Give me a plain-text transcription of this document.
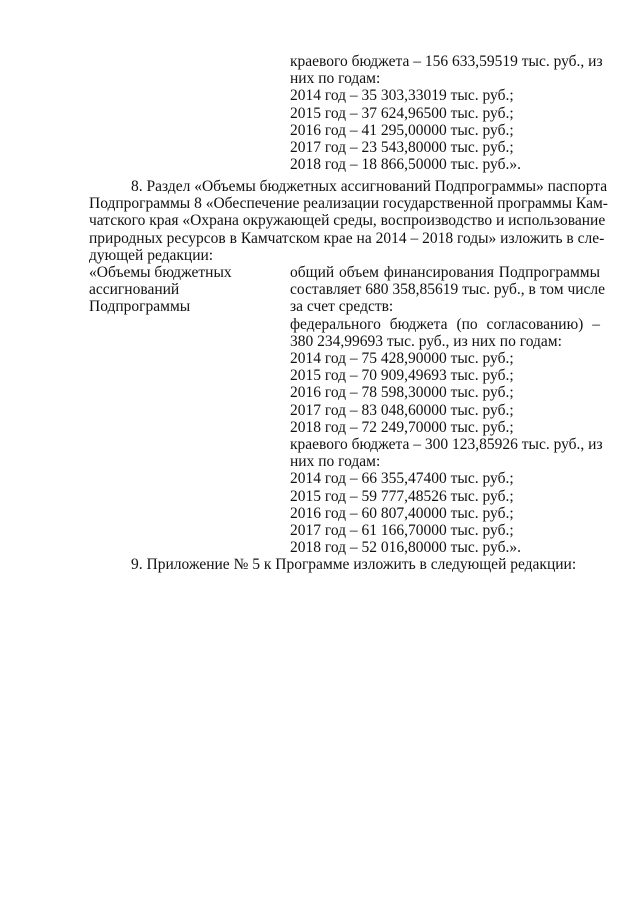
краевого бюджета – 156 633,59519 тыс. руб., из
них по годам:
2014 год – 35 303,33019 тыс. руб.;
2015 год – 37 624,96500 тыс. руб.;
2016 год – 41 295,00000 тыс. руб.;
2017 год – 23 543,80000 тыс. руб.;
2018 год – 18 866,50000 тыс. руб.».
8. Раздел «Объемы бюджетных ассигнований Подпрограммы» паспорта
Подпрограммы 8 «Обеспечение реализации государственной программы Кам-
чатского края «Охрана окружающей среды, воспроизводство и использование
природных ресурсов в Камчатском крае на 2014 – 2018 годы» изложить в сле-
дующей редакции:
«Объемы бюджетных
ассигнований Подпрограммы
общий объем финансирования Подпрограммы
составляет 680 358,85619 тыс. руб., в том числе
за счет средств:
федерального бюджета (по согласованию) –
380 234,99693 тыс. руб., из них по годам:
2014 год – 75 428,90000 тыс. руб.;
2015 год – 70 909,49693 тыс. руб.;
2016 год – 78 598,30000 тыс. руб.;
2017 год – 83 048,60000 тыс. руб.;
2018 год – 72 249,70000 тыс. руб.;
краевого бюджета – 300 123,85926 тыс. руб., из
них по годам:
2014 год – 66 355,47400 тыс. руб.;
2015 год – 59 777,48526 тыс. руб.;
2016 год – 60 807,40000 тыс. руб.;
2017 год – 61 166,70000 тыс. руб.;
2018 год – 52 016,80000 тыс. руб.».
9. Приложение № 5 к Программе изложить в следующей редакции:
